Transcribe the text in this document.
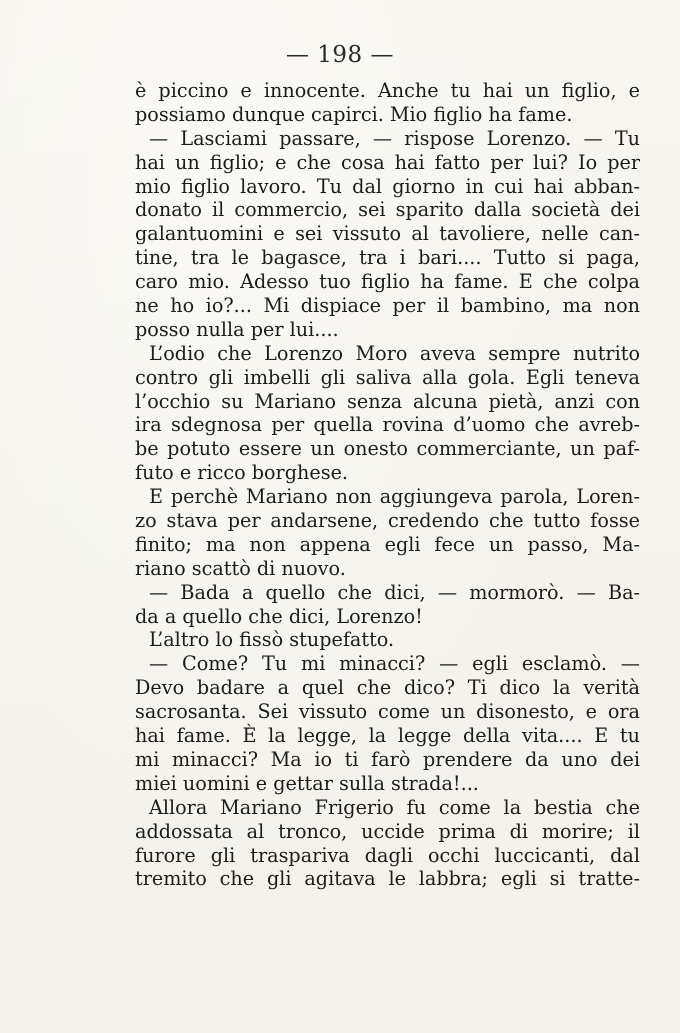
— 198 —
è piccino e innocente. Anche tu hai un figlio, e
possiamo dunque capirci. Mio figlio ha fame.
— Lasciami passare, — rispose Lorenzo. — Tu
hai un figlio; e che cosa hai fatto per lui? Io per
mio figlio lavoro. Tu dal giorno in cui hai abban-
donato il commercio, sei sparito dalla società dei
galantuomini e sei vissuto al tavoliere, nelle can-
tine, tra le bagasce, tra i bari.... Tutto si paga,
caro mio. Adesso tuo figlio ha fame. E che colpa
ne ho io?... Mi dispiace per il bambino, ma non
posso nulla per lui....
L’odio che Lorenzo Moro aveva sempre nutrito
contro gli imbelli gli saliva alla gola. Egli teneva
l’occhio su Mariano senza alcuna pietà, anzi con
ira sdegnosa per quella rovina d’uomo che avreb-
be potuto essere un onesto commerciante, un paf-
futo e ricco borghese.
E perchè Mariano non aggiungeva parola, Loren-
zo stava per andarsene, credendo che tutto fosse
finito; ma non appena egli fece un passo, Ma-
riano scattò di nuovo.
— Bada a quello che dici, — mormorò. — Ba-
da a quello che dici, Lorenzo!
L’altro lo fissò stupefatto.
— Come? Tu mi minacci? — egli esclamò. —
Devo badare a quel che dico? Ti dico la verità
sacrosanta. Sei vissuto come un disonesto, e ora
hai fame. È la legge, la legge della vita.... E tu
mi minacci? Ma io ti farò prendere da uno dei
miei uomini e gettar sulla strada!...
Allora Mariano Frigerio fu come la bestia che
addossata al tronco, uccide prima di morire; il
furore gli traspariva dagli occhi luccicanti, dal
tremito che gli agitava le labbra; egli si tratte-
